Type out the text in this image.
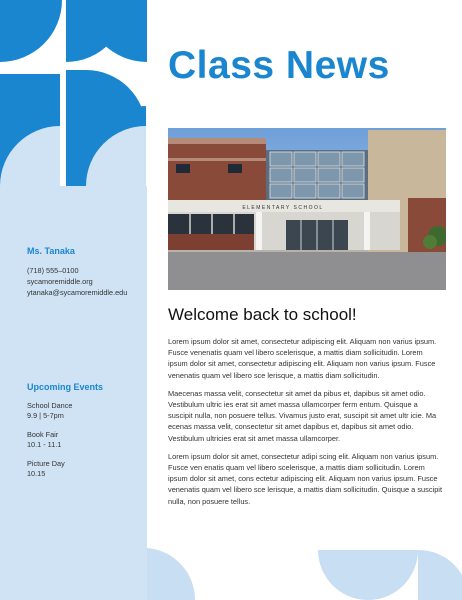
Ms. Tanaka
(718) 555–0100
sycamoremiddle.org
ytanaka@sycamoremiddle.edu
Upcoming Events
School Dance
9.9 | 5-7pm
Book Fair
10.1 - 11.1
Picture Day
10.15
Class News
ELEMENTARY SCHOOL
Welcome back to school!

Lorem ipsum dolor sit amet, consectetur adipiscing elit. Aliquam non varius ipsum. Fusce venenatis quam vel libero scelerisque, a mattis diam sollicitudin. Lorem ipsum dolor sit amet, consectetur adipiscing elit. Aliquam non varius ipsum. Fusce venenatis quam vel libero sce lerisque, a mattis diam sollicitudin.

Maecenas massa velit, consectetur sit amet da pibus et, dapibus sit amet odio. Vestibulum ultric ies erat sit amet massa ullamcorper ferm entum. Quisque a suscipit nulla, non posuere tellus. Vivamus justo erat, suscipit sit amet ultr icie. Ma ecenas massa velit, consectetur sit amet dapibus et, dapibus sit amet odio. Vestibulum ultricies erat sit amet massa ullamcorper.

Lorem ipsum dolor sit amet, consectetur adipi scing elit. Aliquam non varius ipsum. Fusce ven enatis quam vel libero scelerisque, a mattis diam sollicitudin. Lorem ipsum dolor sit amet, cons ectetur adipiscing elit. Aliquam non varius ipsum. Fusce venenatis quam vel libero sce lerisque, a mattis diam sollicitudin. Quisque a suscipit nulla, non posuere tellus.
